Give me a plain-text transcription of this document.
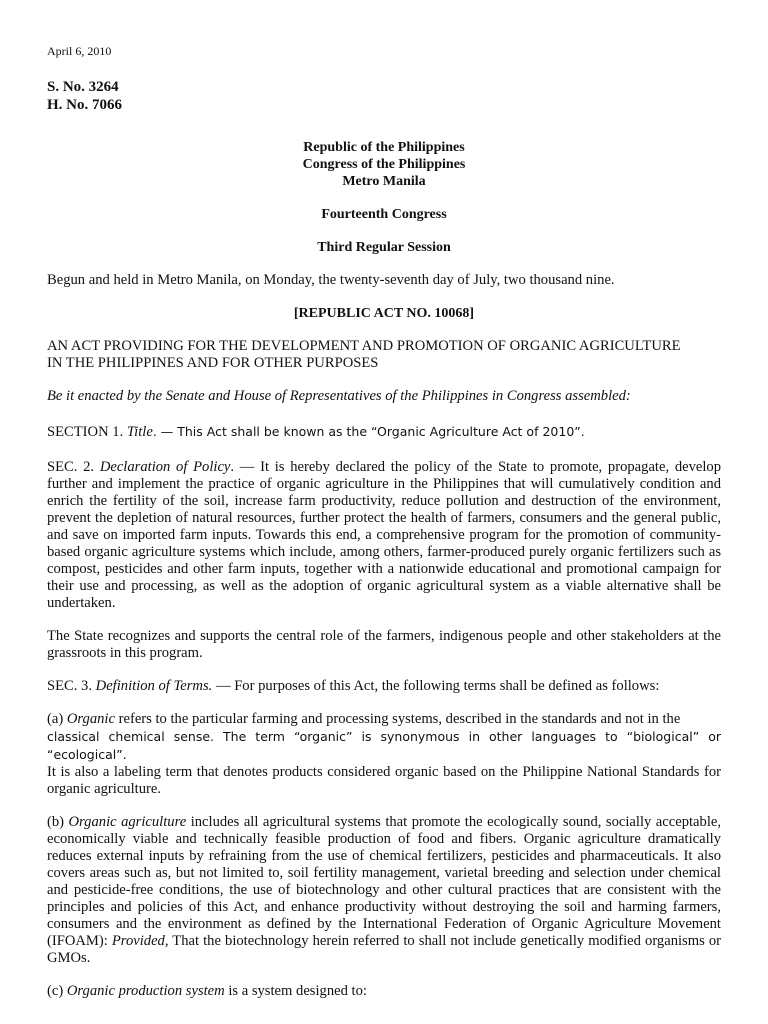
April 6, 2010

S. No. 3264

H. No. 7066

Republic of the Philippines

Congress of the Philippines

Metro Manila

Fourteenth Congress

Third Regular Session

Begun and held in Metro Manila, on Monday, the twenty-seventh day of July, two thousand nine.

[REPUBLIC ACT NO. 10068]

AN ACT PROVIDING FOR THE DEVELOPMENT AND PROMOTION OF ORGANIC AGRICULTURE

IN THE PHILIPPINES AND FOR OTHER PURPOSES

Be it enacted by the Senate and House of Representatives of the Philippines in Congress assembled:

SECTION 1. Title. — This Act shall be known as the “Organic Agriculture Act of 2010”.

SEC. 2. Declaration of Policy. — It is hereby declared the policy of the State to promote, propagate, develop further and implement the practice of organic agriculture in the Philippines that will cumulatively condition and enrich the fertility of the soil, increase farm productivity, reduce pollution and destruction of the environment, prevent the depletion of natural resources, further protect the health of farmers, consumers and the general public, and save on imported farm inputs. Towards this end, a comprehensive program for the promotion of community-based organic agriculture systems which include, among others, farmer-produced purely organic fertilizers such as compost, pesticides and other farm inputs, together with a nationwide educational and promotional campaign for their use and processing, as well as the adoption of organic agricultural system as a viable alternative shall be undertaken.

The State recognizes and supports the central role of the farmers, indigenous people and other stakeholders at the grassroots in this program.

SEC. 3. Definition of Terms. — For purposes of this Act, the following terms shall be defined as follows:

(a) Organic refers to the particular farming and processing systems, described in the standards and not in the

classical chemical sense. The term “organic” is synonymous in other languages to “biological” or “ecological”.

It is also a labeling term that denotes products considered organic based on the Philippine National Standards for organic agriculture.

(b) Organic agriculture includes all agricultural systems that promote the ecologically sound, socially acceptable, economically viable and technically feasible production of food and fibers. Organic agriculture dramatically reduces external inputs by refraining from the use of chemical fertilizers, pesticides and pharmaceuticals. It also covers areas such as, but not limited to, soil fertility management, varietal breeding and selection under chemical and pesticide-free conditions, the use of biotechnology and other cultural practices that are consistent with the principles and policies of this Act, and enhance productivity without destroying the soil and harming farmers, consumers and the environment as defined by the International Federation of Organic Agriculture Movement (IFOAM): Provided, That the biotechnology herein referred to shall not include genetically modified organisms or GMOs.

(c) Organic production system is a system designed to:
